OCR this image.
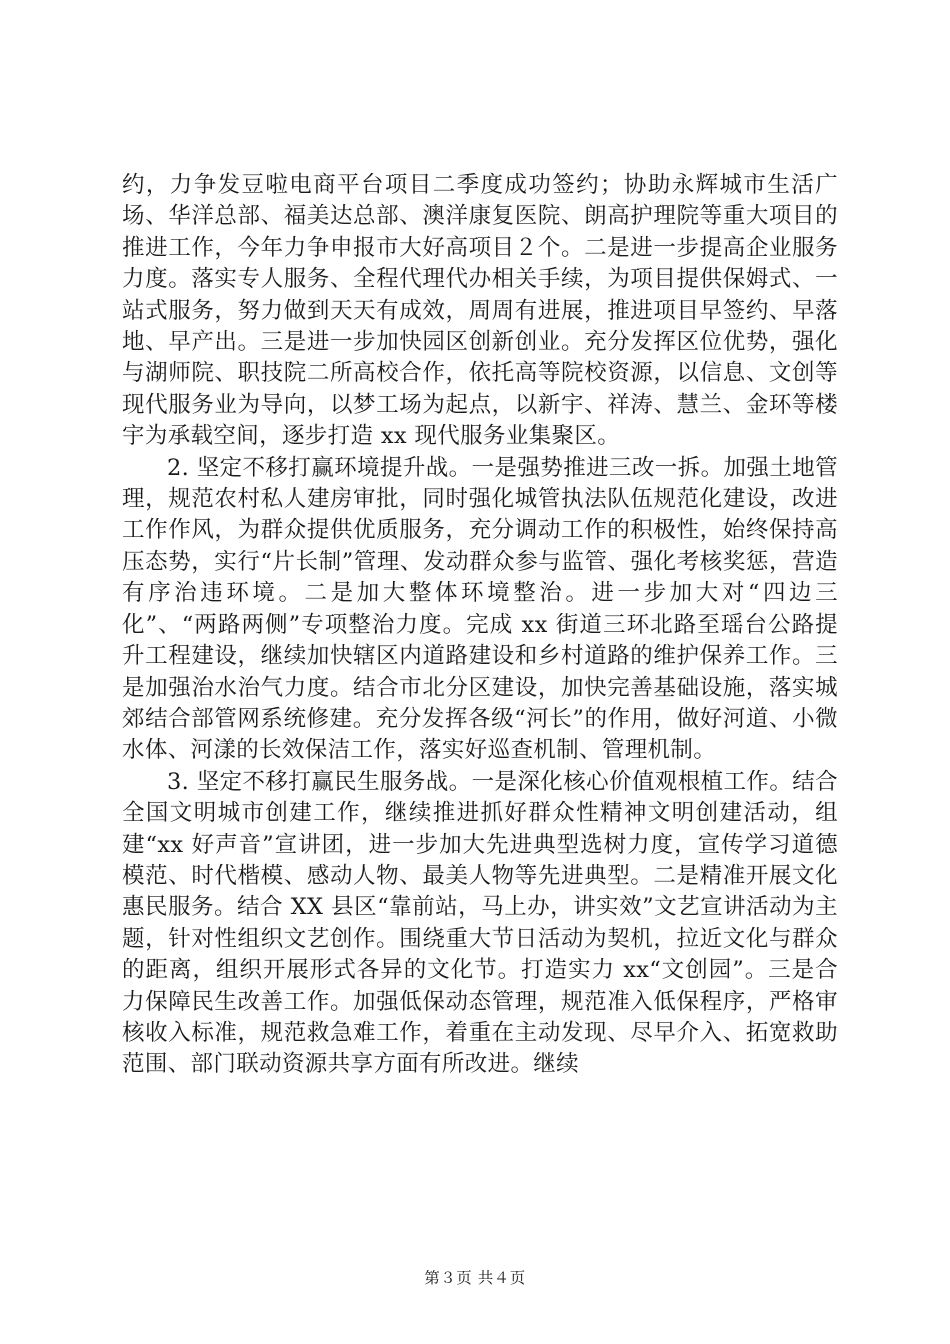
约，力争发豆啦电商平台项目二季度成功签约；协助永辉城市生活广场、华洋总部、福美达总部、澳洋康复医院、朗高护理院等重大项目的推进工作，今年力争申报市大好高项目２个。二是进一步提高企业服务力度。落实专人服务、全程代理代办相关手续，为项目提供保姆式、一站式服务，努力做到天天有成效，周周有进展，推进项目早签约、早落地、早产出。三是进一步加快园区创新创业。充分发挥区位优势，强化与湖师院、职技院二所高校合作，依托高等院校资源，以信息、文创等现代服务业为导向，以梦工场为起点，以新宇、祥涛、慧兰、金环等楼宇为承载空间，逐步打造 xx 现代服务业集聚区。

2. 坚定不移打赢环境提升战。一是强势推进三改一拆。加强土地管理，规范农村私人建房审批，同时强化城管执法队伍规范化建设，改进工作作风，为群众提供优质服务，充分调动工作的积极性，始终保持高压态势，实行“片长制”管理、发动群众参与监管、强化考核奖惩，营造有序治违环境。二是加大整体环境整治。进一步加大对“四边三化”、“两路两侧”专项整治力度。完成 xx 街道三环北路至瑶台公路提升工程建设，继续加快辖区内道路建设和乡村道路的维护保养工作。三是加强治水治气力度。结合市北分区建设，加快完善基础设施，落实城郊结合部管网系统修建。充分发挥各级“河长”的作用，做好河道、小微水体、河漾的长效保洁工作，落实好巡查机制、管理机制。

3. 坚定不移打赢民生服务战。一是深化核心价值观根植工作。结合全国文明城市创建工作，继续推进抓好群众性精神文明创建活动，组建“xx 好声音”宣讲团，进一步加大先进典型选树力度，宣传学习道德模范、时代楷模、感动人物、最美人物等先进典型。二是精准开展文化惠民服务。结合 XX 县区“靠前站，马上办，讲实效”文艺宣讲活动为主题，针对性组织文艺创作。围绕重大节日活动为契机，拉近文化与群众的距离，组织开展形式各异的文化节。打造实力 xx“文创园”。三是合力保障民生改善工作。加强低保动态管理，规范准入低保程序，严格审核收入标准，规范救急难工作，着重在主动发现、尽早介入、拓宽救助范围、部门联动资源共享方面有所改进。继续

第３页 共４页
